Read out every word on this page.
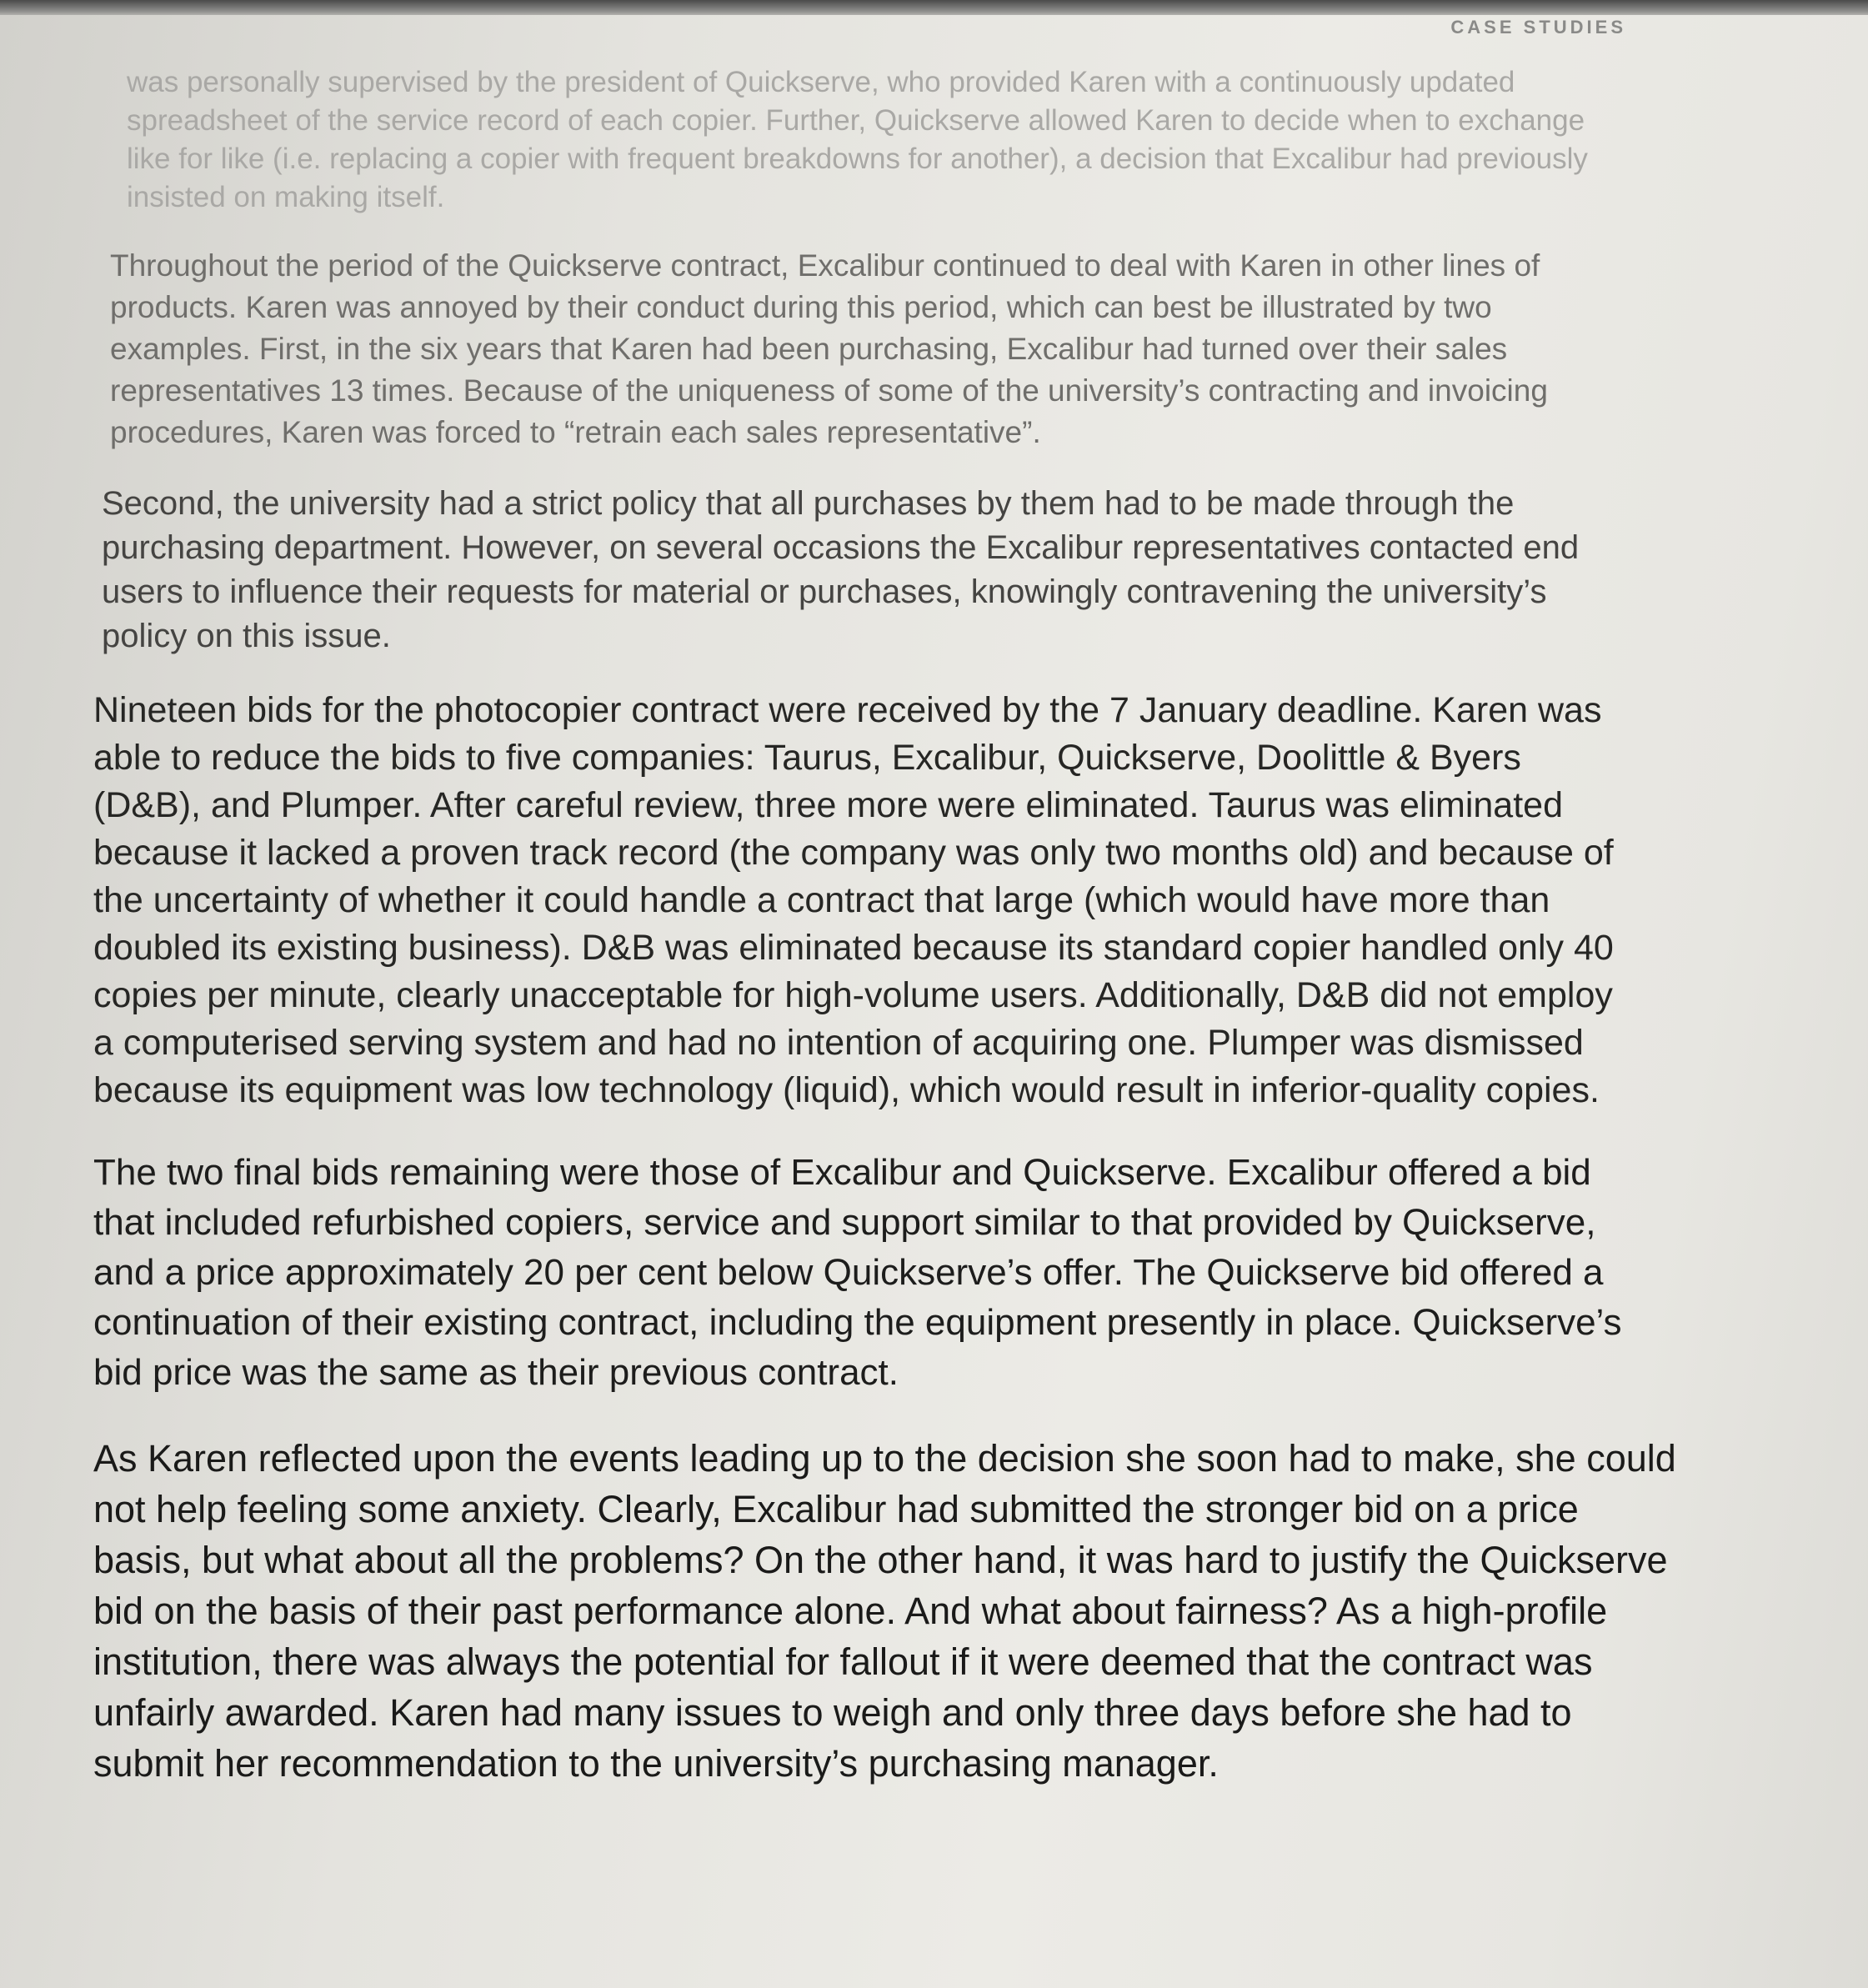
CASE STUDIES

was personally supervised by the president of Quickserve, who provided Karen with a continuously updated spreadsheet of the service record of each copier. Further, Quickserve allowed Karen to decide when to exchange like for like (i.e. replacing a copier with frequent breakdowns for another), a decision that Excalibur had previously insisted on making itself.

Throughout the period of the Quickserve contract, Excalibur continued to deal with Karen in other lines of products. Karen was annoyed by their conduct during this period, which can best be illustrated by two examples. First, in the six years that Karen had been purchasing, Excalibur had turned over their sales representatives 13 times. Because of the uniqueness of some of the university’s contracting and invoicing procedures, Karen was forced to “retrain each sales representative”.

Second, the university had a strict policy that all purchases by them had to be made through the purchasing department. However, on several occasions the Excalibur representatives contacted end users to influence their requests for material or purchases, knowingly contravening the university’s policy on this issue.

Nineteen bids for the photocopier contract were received by the 7 January deadline. Karen was able to reduce the bids to five companies: Taurus, Excalibur, Quickserve, Doolittle & Byers (D&B), and Plumper. After careful review, three more were eliminated. Taurus was eliminated because it lacked a proven track record (the company was only two months old) and because of the uncertainty of whether it could handle a contract that large (which would have more than doubled its existing business). D&B was eliminated because its standard copier handled only 40 copies per minute, clearly unacceptable for high-volume users. Additionally, D&B did not employ a computerised serving system and had no intention of acquiring one. Plumper was dismissed because its equipment was low technology (liquid), which would result in inferior-quality copies.

The two final bids remaining were those of Excalibur and Quickserve. Excalibur offered a bid that included refurbished copiers, service and support similar to that provided by Quickserve, and a price approximately 20 per cent below Quickserve’s offer. The Quickserve bid offered a continuation of their existing contract, including the equipment presently in place. Quickserve’s bid price was the same as their previous contract.

As Karen reflected upon the events leading up to the decision she soon had to make, she could not help feeling some anxiety. Clearly, Excalibur had submitted the stronger bid on a price basis, but what about all the problems? On the other hand, it was hard to justify the Quickserve bid on the basis of their past performance alone. And what about fairness? As a high-profile institution, there was always the potential for fallout if it were deemed that the contract was unfairly awarded. Karen had many issues to weigh and only three days before she had to submit her recommendation to the university’s purchasing manager.
